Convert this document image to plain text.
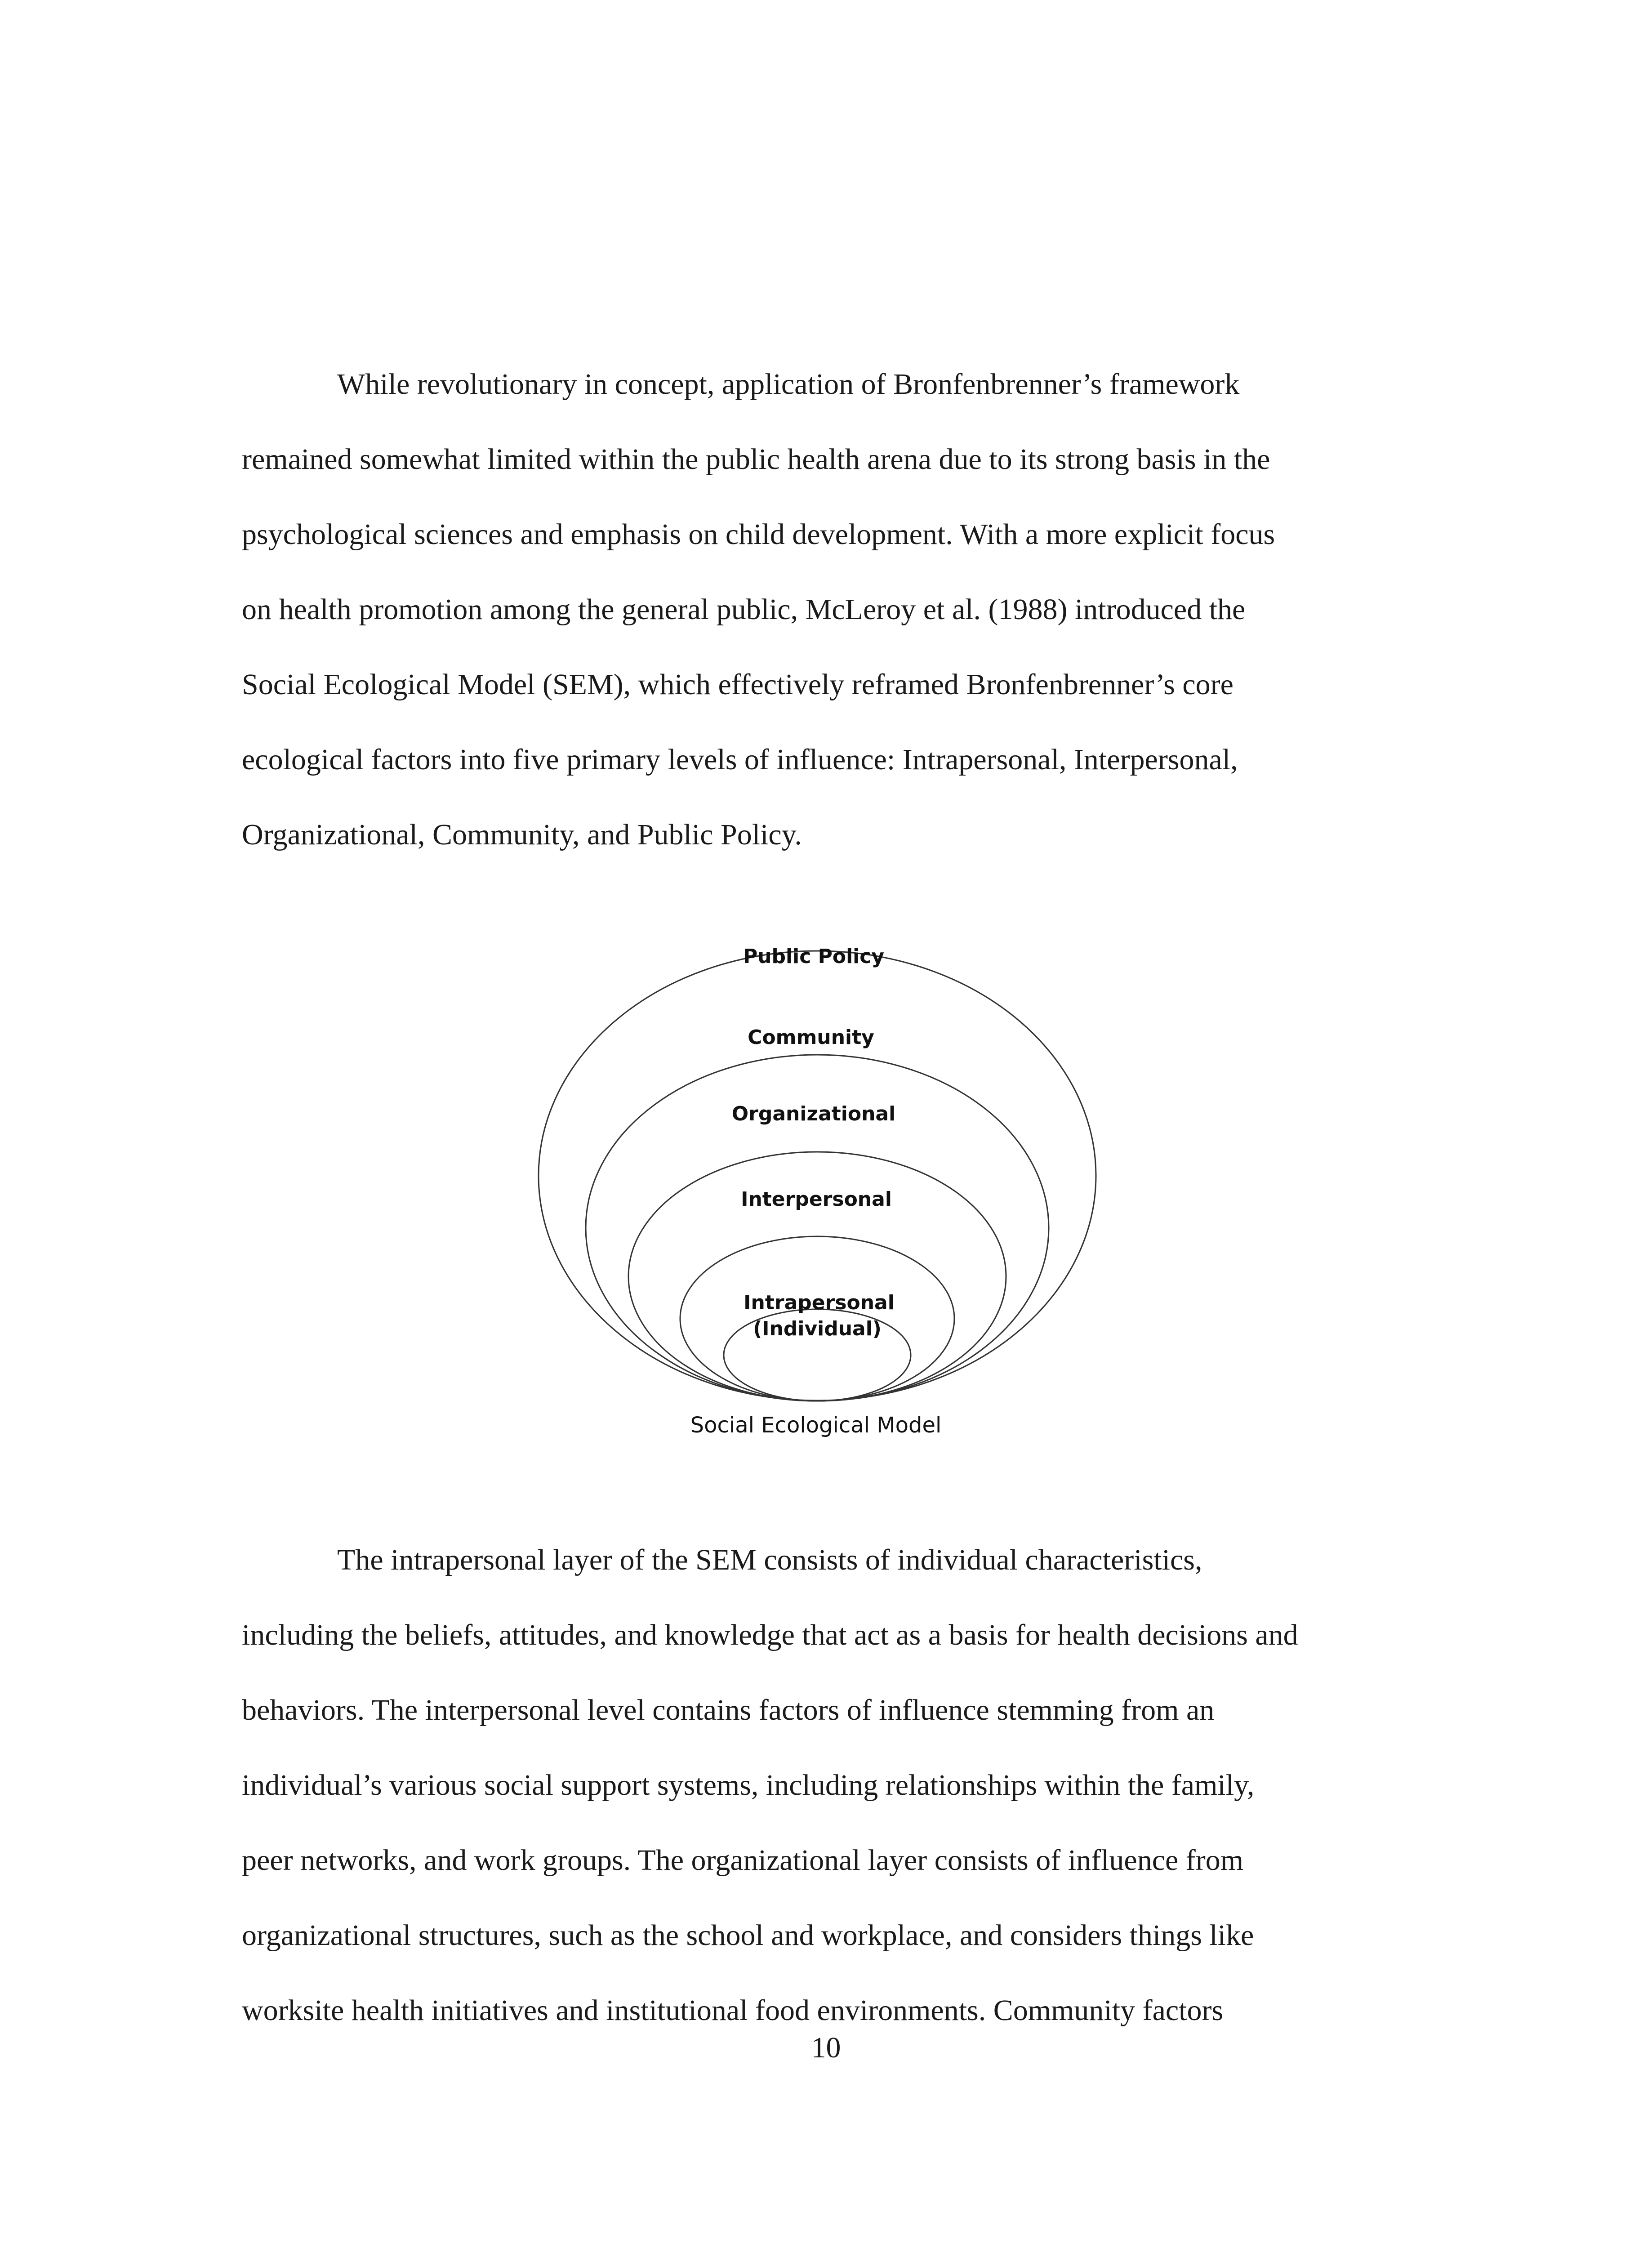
While revolutionary in concept, application of Bronfenbrenner’s framework
remained somewhat limited within the public health arena due to its strong basis in the
psychological sciences and emphasis on child development. With a more explicit focus
on health promotion among the general public, McLeroy et al. (1988) introduced the
Social Ecological Model (SEM), which effectively reframed Bronfenbrenner’s core
ecological factors into five primary levels of influence: Intrapersonal, Interpersonal,
Organizational, Community, and Public Policy.
Public Policy
Community
Organizational
Interpersonal
Intrapersonal
(Individual)
Social Ecological Model
The intrapersonal layer of the SEM consists of individual characteristics,
including the beliefs, attitudes, and knowledge that act as a basis for health decisions and
behaviors. The interpersonal level contains factors of influence stemming from an
individual’s various social support systems, including relationships within the family,
peer networks, and work groups. The organizational layer consists of influence from
organizational structures, such as the school and workplace, and considers things like
worksite health initiatives and institutional food environments. Community factors
10
